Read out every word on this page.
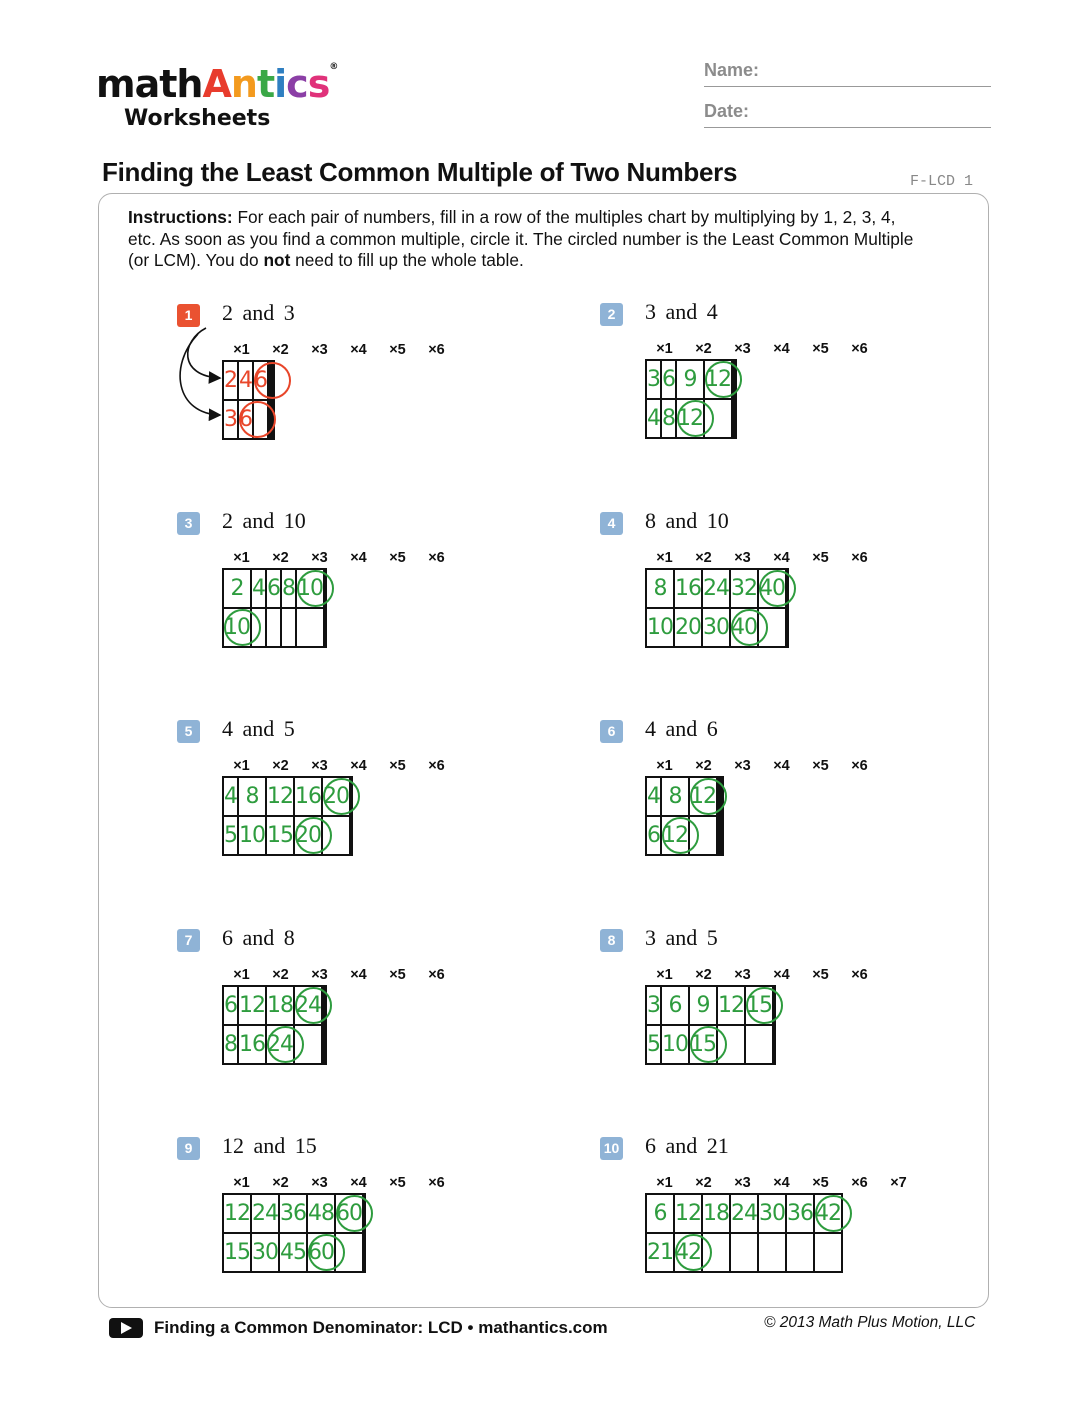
mathAntics®
Worksheets
Name:
Date:
Finding the Least Common Multiple of Two Numbers	F-LCD 1
Instructions: For each pair of numbers, fill in a row of the multiples chart by multiplying by 1, 2, 3, 4, etc. As soon as you find a common multiple, circle it. The circled number is the Least Common Multiple (or LCM). You do not need to fill up the whole table.
1	2 and 3
×1	×2	×3	×4	×5	×6
2	4	6			
3	6				
2	3 and 4
×1	×2	×3	×4	×5	×6
3	6	9	12		
4	8	12			
3	2 and 10
×1	×2	×3	×4	×5	×6
2	4	6	8	10	
10					
4	8 and 10
×1	×2	×3	×4	×5	×6
8	16	24	32	40	
10	20	30	40		
5	4 and 5
×1	×2	×3	×4	×5	×6
4	8	12	16	20	
5	10	15	20		
6	4 and 6
×1	×2	×3	×4	×5	×6
4	8	12			
6	12				
7	6 and 8
×1	×2	×3	×4	×5	×6
6	12	18	24		
8	16	24			
8	3 and 5
×1	×2	×3	×4	×5	×6
3	6	9	12	15	
5	10	15			
9	12 and 15
×1	×2	×3	×4	×5	×6
12	24	36	48	60	
15	30	45	60		
10 6 and 21
×1	×2	×3	×4	×5	×6	×7
6	12	18	24	30	36	42
21	42					
Finding a Common Denominator: LCD • mathantics.com	© 2013 Math Plus Motion, LLC
